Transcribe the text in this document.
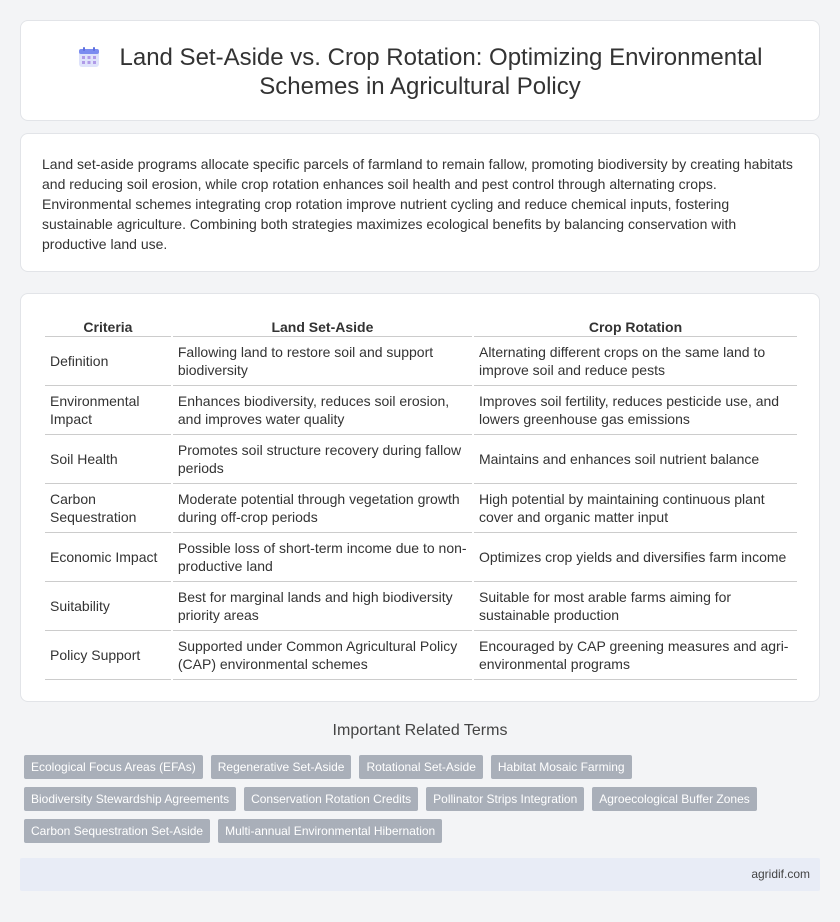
Land Set-Aside vs. Crop Rotation: Optimizing Environmental
Schemes in Agricultural Policy

Land set-aside programs allocate specific parcels of farmland to remain fallow, promoting biodiversity by creating habitats and reducing soil erosion, while crop rotation enhances soil health and pest control through alternating crops. Environmental schemes integrating crop rotation improve nutrient cycling and reduce chemical inputs, fostering sustainable agriculture. Combining both strategies maximizes ecological benefits by balancing conservation with productive land use.

Criteria	Land Set-Aside	Crop Rotation
Definition	Fallowing land to restore soil and support biodiversity	Alternating different crops on the same land to improve soil and reduce pests
Environmental Impact	Enhances biodiversity, reduces soil erosion, and improves water quality	Improves soil fertility, reduces pesticide use, and lowers greenhouse gas emissions
Soil Health	Promotes soil structure recovery during fallow periods	Maintains and enhances soil nutrient balance
Carbon Sequestration	Moderate potential through vegetation growth during off-crop periods	High potential by maintaining continuous plant cover and organic matter input
Economic Impact	Possible loss of short-term income due to non-productive land	Optimizes crop yields and diversifies farm income
Suitability	Best for marginal lands and high biodiversity priority areas	Suitable for most arable farms aiming for sustainable production
Policy Support	Supported under Common Agricultural Policy (CAP) environmental schemes	Encouraged by CAP greening measures and agri-environmental programs
Important Related Terms
Ecological Focus Areas (EFAs)	Regenerative Set-Aside	Rotational Set-Aside	Habitat Mosaic Farming
Biodiversity Stewardship Agreements	Conservation Rotation Credits	Pollinator Strips Integration	Agroecological Buffer Zones
Carbon Sequestration Set-Aside	Multi-annual Environmental Hibernation
agridif.com
